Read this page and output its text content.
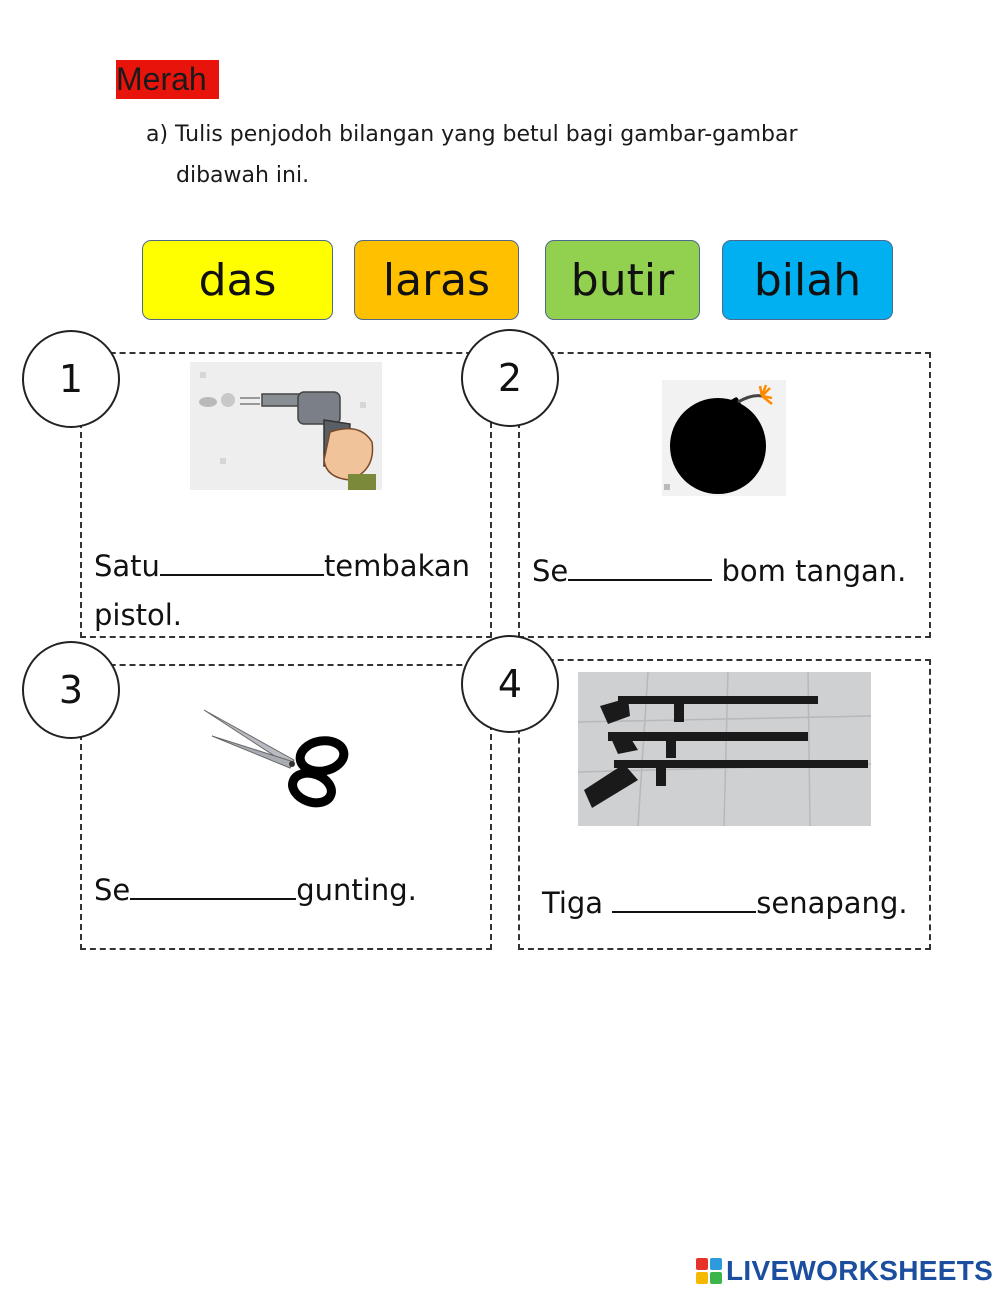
Merah
a) Tulis penjodoh bilangan yang betul bagi gambar-gambar
dibawah ini.
das	laras	butir	bilah
1	2
3	4
Satu	tembakan
pistol.
Se	bom tangan.
Se	gunting.	Tiga	senapang.
LIVEWORKSHEETS
